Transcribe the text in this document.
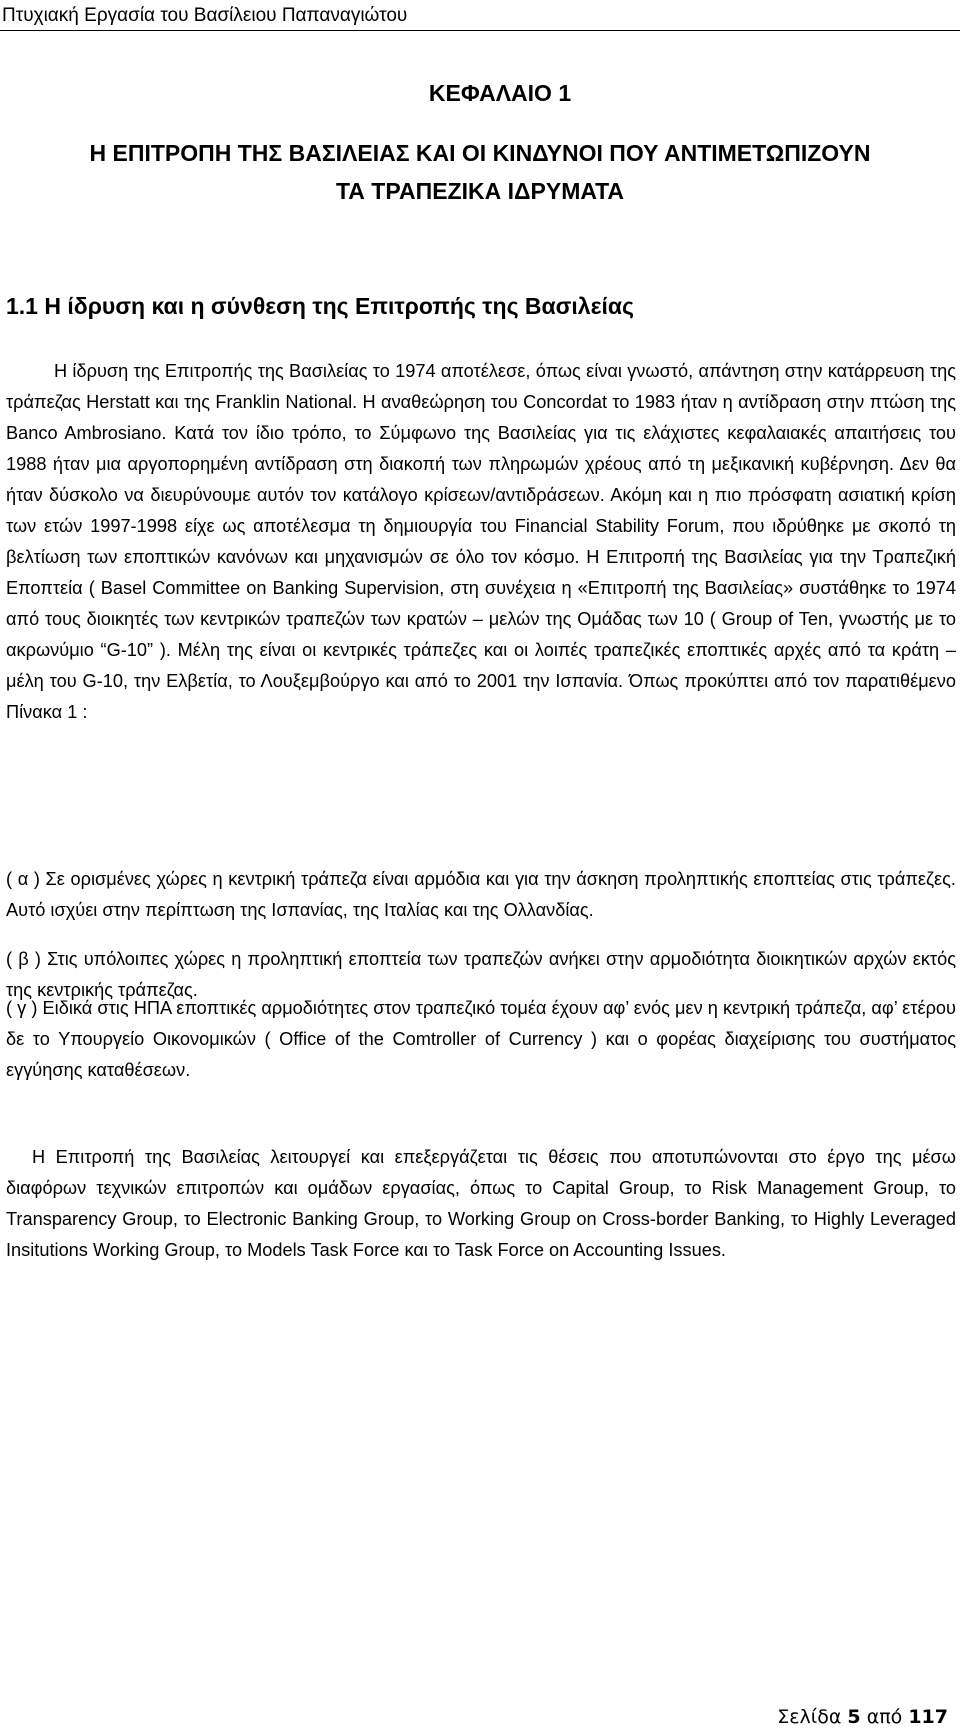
Πτυχιακή Εργασία του Βασίλειου Παπαναγιώτου
ΚΕΦΑΛΑΙΟ 1
Η ΕΠΙΤΡΟΠΗ ΤΗΣ ΒΑΣΙΛΕΙΑΣ ΚΑΙ ΟΙ ΚΙΝΔΥΝΟΙ ΠΟΥ ΑΝΤΙΜΕΤΩΠΙΖΟΥΝ
ΤΑ ΤΡΑΠΕΖΙΚΑ ΙΔΡΥΜΑΤΑ
1.1 Η ίδρυση και η σύνθεση της Επιτροπής της Βασιλείας

Η ίδρυση της Επιτροπής της Βασιλείας το 1974 αποτέλεσε, όπως είναι γνωστό, απάντηση στην κατάρρευση της τράπεζας Herstatt και της Franklin National. Η αναθεώρηση του Concordat το 1983 ήταν η αντίδραση στην πτώση της Banco Ambrosiano. Κατά τον ίδιο τρόπο, το Σύμφωνο της Βασιλείας για τις ελάχιστες κεφαλαιακές απαιτήσεις του 1988 ήταν μια αργοπορημένη αντίδραση στη διακοπή των πληρωμών χρέους από τη μεξικανική κυβέρνηση. Δεν θα ήταν δύσκολο να διευρύνουμε αυτόν τον κατάλογο κρίσεων/αντιδράσεων. Ακόμη και η πιο πρόσφατη ασιατική κρίση των ετών 1997-1998 είχε ως αποτέλεσμα τη δημιουργία του Financial Stability Forum, που ιδρύθηκε με σκοπό τη βελτίωση των εποπτικών κανόνων και μηχανισμών σε όλο τον κόσμο. Η Επιτροπή της Βασιλείας για την Τραπεζική Εποπτεία ( Basel Committee on Banking Supervision, στη συνέχεια η «Επιτροπή της Βασιλείας» συστάθηκε το 1974 από τους διοικητές των κεντρικών τραπεζών των κρατών – μελών της Ομάδας των 10 ( Group of Ten, γνωστής με το ακρωνύμιο “G-10” ). Μέλη της είναι οι κεντρικές τράπεζες και οι λοιπές τραπεζικές εποπτικές αρχές από τα κράτη – μέλη του G-10, την Ελβετία, το Λουξεμβούργο και από το 2001 την Ισπανία. Όπως προκύπτει από τον παρατιθέμενο Πίνακα 1 :

( α ) Σε ορισμένες χώρες η κεντρική τράπεζα είναι αρμόδια και για την άσκηση προληπτικής εποπτείας στις τράπεζες. Αυτό ισχύει στην περίπτωση της Ισπανίας, της Ιταλίας και της Ολλανδίας.

( β ) Στις υπόλοιπες χώρες η προληπτική εποπτεία των τραπεζών ανήκει στην αρμοδιότητα διοικητικών αρχών εκτός της κεντρικής τράπεζας.

( γ ) Ειδικά στις ΗΠΑ εποπτικές αρμοδιότητες στον τραπεζικό τομέα έχουν αφ’ ενός μεν η κεντρική τράπεζα, αφ’ ετέρου δε το Υπουργείο Οικονομικών ( Office of the Comtroller of Currency ) και ο φορέας διαχείρισης του συστήματος εγγύησης καταθέσεων.

Η Επιτροπή της Βασιλείας λειτουργεί και επεξεργάζεται τις θέσεις που αποτυπώνονται στο έργο της μέσω διαφόρων τεχνικών επιτροπών και ομάδων εργασίας, όπως το Capital Group, το Risk Management Group, το Transparency Group, το Electronic Banking Group, το Working Group on Cross-border Banking, το Highly Leveraged Insitutions Working Group, το Models Task Force και το Task Force on Accounting Issues.

Σελίδα 5 από 117
